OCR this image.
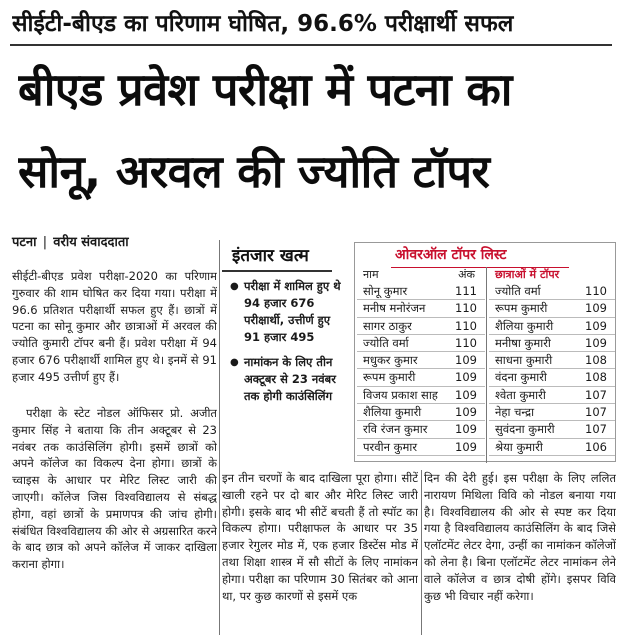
सीईटी-बीएड का परिणाम घोषित, 96.6% परीक्षार्थी सफल
बीएड प्रवेश परीक्षा में पटना का
सोनू, अरवल की ज्योति टॉपर
पटना | वरीय संवाददाता
सीईटी-बीएड प्रवेश परीक्षा-2020 का परिणाम गुरुवार की शाम घोषित कर दिया गया। परीक्षा में 96.6 प्रतिशत परीक्षार्थी सफल हुए हैं। छात्रों में पटना का सोनू कुमार और छात्राओं में अरवल की ज्योति कुमारी टॉपर बनी हैं। प्रवेश परीक्षा में 94 हजार 676 परीक्षार्थी शामिल हुए थे। इनमें से 91 हजार 495 उत्तीर्ण हुए हैं।

परीक्षा के स्टेट नोडल ऑफिसर प्रो. अजीत कुमार सिंह ने बताया कि तीन अक्टूबर से 23 नवंबर तक काउंसिलिंग होगी। इसमें छात्रों को अपने कॉलेज का विकल्प देना होगा। छात्रों के च्वाइस के आधार पर मेरिट लिस्ट जारी की जाएगी। कॉलेज जिस विश्वविद्यालय से संबद्ध होगा, वहां छात्रों के प्रमाणपत्र की जांच होगी। संबंधित विश्वविद्यालय की ओर से अग्रसारित करने के बाद छात्र को अपने कॉलेज में जाकर दाखिला कराना होगा।

इंतजार खत्म
● परीक्षा में शामिल हुए थे 94 हजार 676 परीक्षार्थी, उत्तीर्ण हुए 91 हजार 495
● नामांकन के लिए तीन अक्टूबर से 23 नवंबर तक होगी काउंसिलिंग
ओवरऑल टॉपर लिस्ट
नाम	अंक
सोनू कुमार	111
मनीष मनोरंजन	110
सागर ठाकुर	110
ज्योति वर्मा	110
मधुकर कुमार	109
रूपम कुमारी	109
विजय प्रकाश साह	109
शैलिया कुमारी	109
रवि रंजन कुमार	109
परवीन कुमार	109
छात्राओं में टॉपर
ज्योति वर्मा	110
रूपम कुमारी	109
शैलिया कुमारी	109
मनीषा कुमारी	109
साधना कुमारी	108
वंदना कुमारी	108
श्वेता कुमारी	107
नेहा चन्द्रा	107
सुवंदना कुमारी	107
श्रेया कुमारी	106
इन तीन चरणों के बाद दाखिला पूरा होगा। सीटें खाली रहने पर दो बार और मेरिट लिस्ट जारी होगी। इसके बाद भी सीटें बचती हैं तो स्पॉट का विकल्प होगा। परीक्षाफल के आधार पर 35 हजार रेगुलर मोड में, एक हजार डिस्टेंस मोड में तथा शिक्षा शास्त्र में सौ सीटों के लिए नामांकन होगा। परीक्षा का परिणाम 30 सितंबर को आना था, पर कुछ कारणों से इसमें एक
दिन की देरी हुई। इस परीक्षा के लिए ललित नारायण मिथिला विवि को नोडल बनाया गया है। विश्वविद्यालय की ओर से स्पष्ट कर दिया गया है विश्वविद्यालय काउंसिलिंग के बाद जिसे एलॉटमेंट लेटर देगा, उन्हीं का नामांकन कॉलेजों को लेना है। बिना एलॉटमेंट लेटर नामांकन लेने वाले कॉलेज व छात्र दोषी होंगे। इसपर विवि कुछ भी विचार नहीं करेगा।
